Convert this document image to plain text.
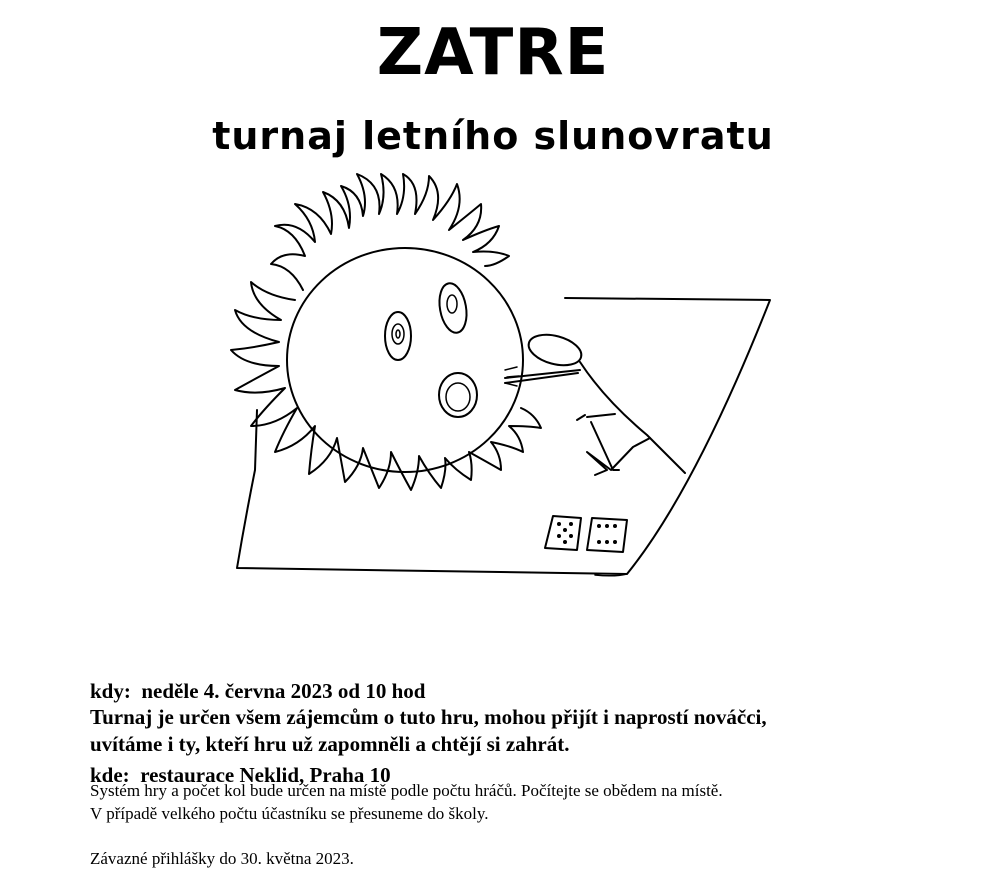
ZATRE
turnaj letního slunovratu

kdy: neděle 4. června 2023 od 10 hod

kde: restaurace Neklid, Praha 10

Turnaj je určen všem zájemcům o tuto hru, mohou přijít i naprostí nováčci,
uvítáme i ty, kteří hru už zapomněli a chtějí si zahrát.
Systém hry a počet kol bude určen na místě podle počtu hráčů. Počítejte se obědem na místě.
V případě velkého počtu účastníku se přesuneme do školy.
Závazné přihlášky do 30. května 2023.
